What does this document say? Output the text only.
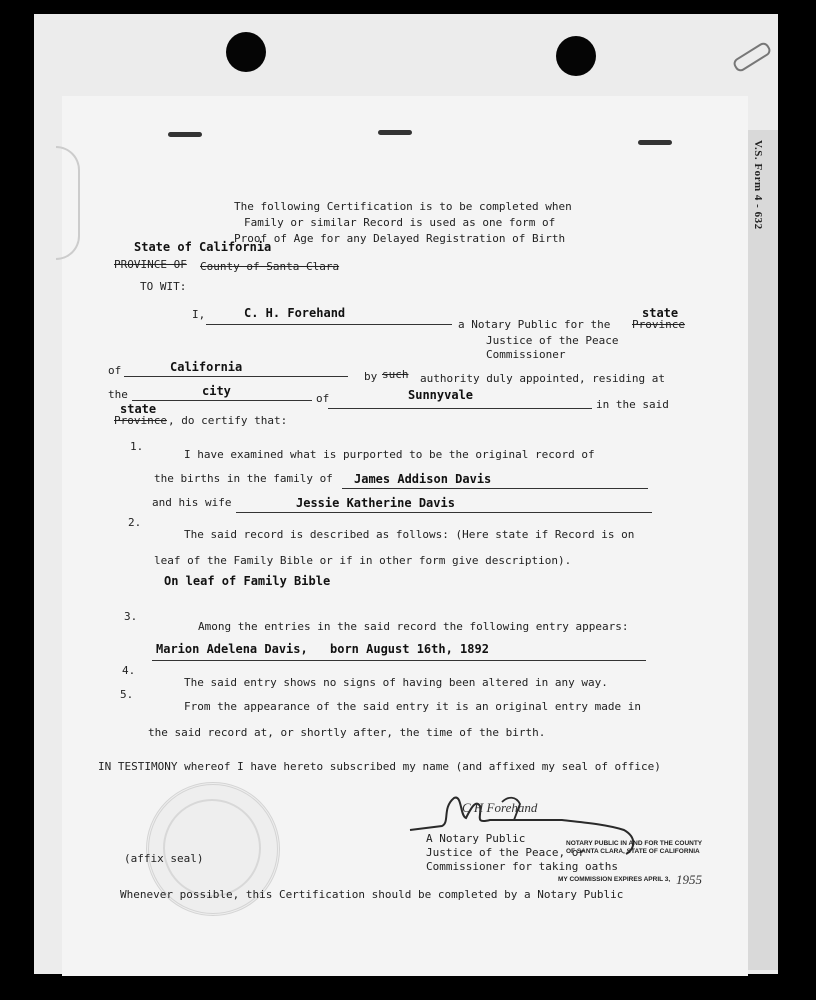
V.S. Form 4 - 632
The following Certification is to be completed when
Family or similar Record is used as one form of
Proof of Age for any Delayed Registration of Birth
State of California
PROVINCE OF County of Santa Clara
TO WIT:
I,	C. H. Forehand
a Notary Public for the
state
Province
Justice of the Peace
Commissioner
of	California
by such authority duly appointed, residing at
the	city
of	Sunnyvale
in the said
state
Province , do certify that:
1.
I have examined what is purported to be the original record of
the births in the family of James Addison Davis
and his wife	Jessie Katherine Davis
2.
The said record is described as follows: (Here state if Record is on
leaf of the Family Bible or if in other form give description).
On leaf of Family Bible
3.
Among the entries in the said record the following entry appears:
Marion Adelena Davis, born August 16th, 1892
4.
The said entry shows no signs of having been altered in any way.
5.
From the appearance of the said entry it is an original entry made in
the said record at, or shortly after, the time of the birth.
IN TESTIMONY whereof I have hereto subscribed my name (and affixed my seal of office)
C H Forehand
A Notary Public
Justice of the Peace, or
Commissioner for taking oaths
NOTARY PUBLIC IN AND FOR THE COUNTY
OF SANTA CLARA, STATE OF CALIFORNIA
(affix seal)
MY COMMISSION EXPIRES APRIL 3, 1955
Whenever possible, this Certification should be completed by a Notary Public
